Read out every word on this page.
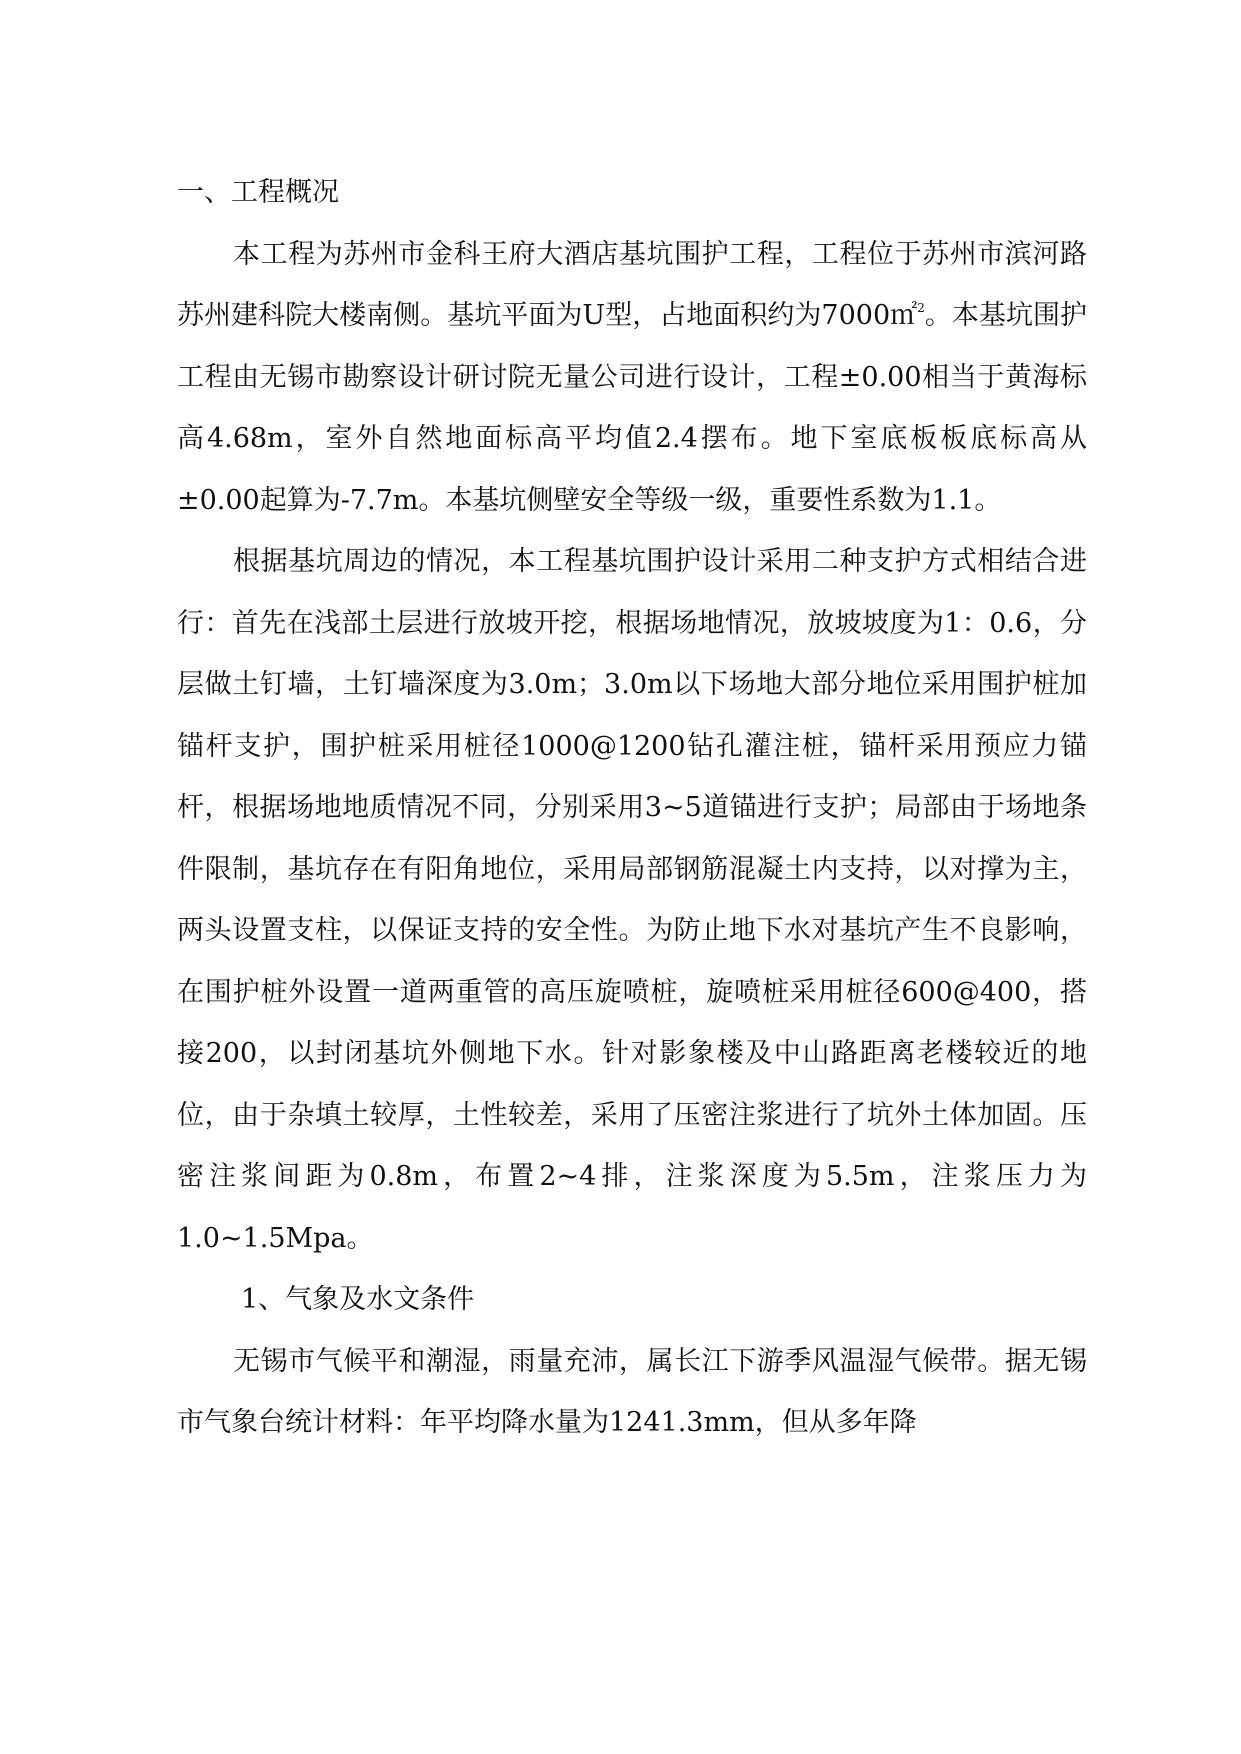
一、工程概况

本工程为苏州市金科王府大酒店基坑围护工程，工程位于苏州市滨河路苏州建科院大楼南侧。基坑平面为U型，占地面积约为7000㎡$^2$。本基坑围护工程由无锡市勘察设计研讨院无量公司进行设计，工程±0.00相当于黄海标高4.68m，室外自然地面标高平均值2.4摆布。地下室底板板底标高从±0.00起算为-7.7m。本基坑侧壁安全等级一级，重要性系数为1.1。

根据基坑周边的情况，本工程基坑围护设计采用二种支护方式相结合进行：首先在浅部土层进行放坡开挖，根据场地情况，放坡坡度为1：0.6，分层做土钉墙，土钉墙深度为3.0m；3.0m以下场地大部分地位采用围护桩加锚杆支护，围护桩采用桩径1000@1200钻孔灌注桩，锚杆采用预应力锚杆，根据场地地质情况不同，分别采用3~5道锚进行支护；局部由于场地条件限制，基坑存在有阳角地位，采用局部钢筋混凝土内支持，以对撑为主，两头设置支柱，以保证支持的安全性。为防止地下水对基坑产生不良影响，在围护桩外设置一道两重管的高压旋喷桩，旋喷桩采用桩径600@400，搭接200，以封闭基坑外侧地下水。针对影象楼及中山路距离老楼较近的地位，由于杂填土较厚，土性较差，采用了压密注浆进行了坑外土体加固。压密注浆间距为0.8m，布置2~4排，注浆深度为5.5m，注浆压力为1.0~1.5Mpa。

1、气象及水文条件

无锡市气候平和潮湿，雨量充沛，属长江下游季风温湿气候带。据无锡市气象台统计材料：年平均降水量为1241.3mm，但从多年降
